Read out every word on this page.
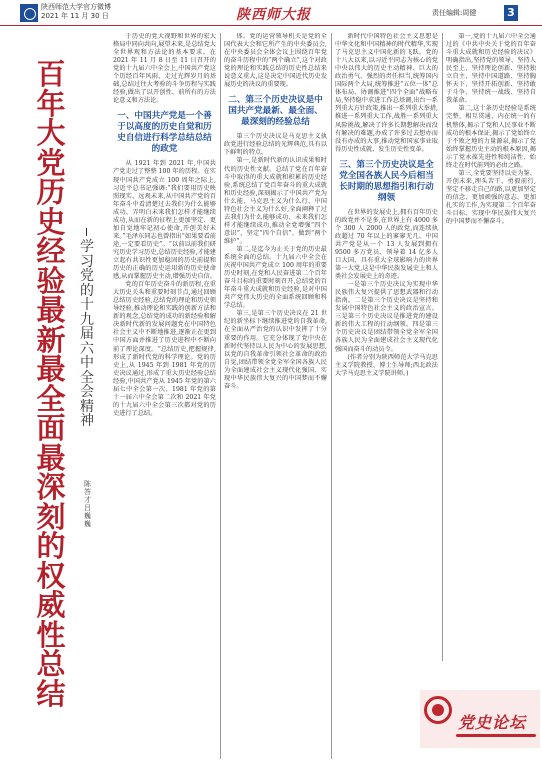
陕西师范大学官方微博
2021 年 11 月 30 日	陕西师大报	责任编辑:周健	3
百年大党历史经验最新最全面最深刻的权威性总结
学习党的十九届六中全会精神
陈答才 吕巍巍

于历史的党大视野和世界的宏大格局中同向共向,展望未来,是总结党大全世界观和方法论的基本要求。在 2021 年 11 月 8 日至 11 日召开的党的十九届六中全会上,中国共产党这个历经百年风雨、走过光辉岁月的基础,总结过往大考验的斗争历程与实践经验,做出了以开创性、前所有的方法论意义和方法论。

一、中国共产党是一个善于以高度的历史自觉和历史自信进行科学总结总结的政党

从 1921 年到 2021 年,中国共产党走过了整整 100 年的历程。在实现中国共产党成立 100 周年之际上,习近平总书记强调:“我们要用历史映照现实、远观未来,从中国共产党的百年奋斗中看清楚过去我们为什么能够成功、弄明白未来我们怎样才能继续成功,从而在新的征程上更加坚定、更加自觉地牢记初心使命,开创美好未来。”毛泽东同志也曾指出“如果要看前途,一定要看历史”。“以前以前我们研究历史学习历史,总结历史经验,才能建立起有共识性更加稳固的历史前提和历史的正确的历史运用新的历史使命感,从而掌握历史主动,增强历史自信。

党的百年历史奋斗的新历程,在重大历史关头和重要时刻节点,通过回顾总结历史经验,总结党的理论和历史领导经验,推动理论和实践的创新方法和新的观念,总结党的成功的新经验和解决新时代新的发展问题党在中国特色社会主义中不断地推进,逐渐正在更到中国方面并推进了历史进程中不断向前了理论深度。“总结历史,把握规律,形成了新时代党的科学理论。党的历史上,从 1945 年到 1981 年党的历史决议通过,形成了重大历史经验总结经验,中国共产党从 1945 年党的第六届七中全会第一次、1981 年党的第十一届六中全会第二次和 2021 年党的十九届六中全会第三次都对党的历史进行了总结。

体。党的运营领导机关是党的全国代表大会和它所产生的中央委员会,在中央委员会全体会议上围绕百年党的奋斗历程中的“两个确立”,这个对政党的理论和实践总结的历史性总结来说意义重大,这是决定中国近代历史发展历史的决议的重要现。

二、第三个历史决议是中国共产党最新、最全面、最深刻的经验总结

第三个历史决议是马克思主义执政党进行经验总结的光辉典范,具有以下鲜明的特点。

第一,是新时代新的认识成果和时代的历史性文献。总结了党在百年奋斗中取得的重大成就和积累的历史经验,系统总结了党百年奋斗的重大成就和历史经验,深刻揭示了中国共产党为什么能、马克思主义为什么行、中国特色社会主义为什么好,全面阐释了过去我们为什么能够成功、未来我们怎样才能继续成功,推动全党增强“四个意识”、坚定“四个自信”、做到“两个维护”。

第二,是迄今为止关于党的历史最系统全面的总结。十九届六中全会在庆祝中国共产党成立 100 周年的重要历史时刻,在党和人民奋进第二个百年奋斗目标的重要时刻召开,总结党的百年奋斗重大成就和历史经验,是对中国共产党伟大历史的全面系统回顾和科学总结。

第三,是第三个历史决议在 21 世纪的新坐标下继续推进党的自我革命,在全面从严治党的认识中发挥了十分重要的作用。它充分体现了党中央在新时代坚持以人民为中心的发展思想,以党的自我革命引领社会革命的政治自觉,团结带领全党全军全国各族人民为全面建成社会主义现代化强国、实现中华民族伟大复兴的中国梦而不懈奋斗。

新时代中国特色社会主义思想是中华文化和中国精神的时代精华,实现了马克思主义中国化新的飞跃。党的十八大以来,以习近平同志为核心的党中央以伟大的历史主动精神、巨大的政治勇气、强烈的责任担当,统筹国内国际两个大局,统筹推进“五位一体”总体布局、协调推进“四个全面”战略布局,坚持稳中求进工作总基调,出台一系列重大方针政策,推出一系列重大举措,推进一系列重大工作,战胜一系列重大风险挑战,解决了许多长期想解决而没有解决的难题,办成了许多过去想办而没有办成的大事,推动党和国家事业取得历史性成就、发生历史性变革。

三、第三个历史决议是全党全国各族人民今后相当长时期的思想指引和行动纲领

在世界的发展史上,拥有百年历史的政党并不是多,在世界上有 4000 多个 300 人 2000 人的政党,而连续执政超过 70 年以上的寥寥无几。中国共产党是从一个 13 人发展到拥有 9500 多万党员、领导着 14 亿多人口大国、具有重大全球影响力的世界第一大党,这是中华民族发展史上和人类社会发展史上的奇迹。

一是第三个历史决议为实现中华民族伟大复兴提供了思想武器和行动指南。二是第三个历史决议是坚持和发展中国特色社会主义的政治宣言。三是第三个历史决议是推进党的建设新的伟大工程的行动纲领。四是第三个历史决议是团结带领全党全军全国各族人民为全面建成社会主义现代化强国而奋斗的动员令。

(作者分别为陕西师范大学马克思主义学院教授、博士生导师;西北政法大学马克思主义学院讲师。)

第一,党的十九届六中全会通过的《中共中央关于党的百年奋斗重大成就和历史经验的决议》明确指出,坚持党的领导、坚持人民至上、坚持理论创新、坚持独立自主、坚持中国道路、坚持胸怀天下、坚持开拓创新、坚持敢于斗争、坚持统一战线、坚持自我革命。

第二,这十条历史经验是系统完整、相互贯通、内在统一的有机整体,揭示了党和人民事业不断成功的根本保证,揭示了党始终立于不败之地的力量源泉,揭示了党始终掌握历史主动的根本原因,揭示了党永葆先进性和纯洁性、始终走在时代前列的必由之路。

第三,全党要坚持以史为鉴、开创未来,埋头苦干、勇毅前行,坚定不移走自己的路,以更加坚定的信念、更加顽强的意志、更加扎实的工作,为实现第二个百年奋斗目标、实现中华民族伟大复兴的中国梦而不懈奋斗。

党史论坛
